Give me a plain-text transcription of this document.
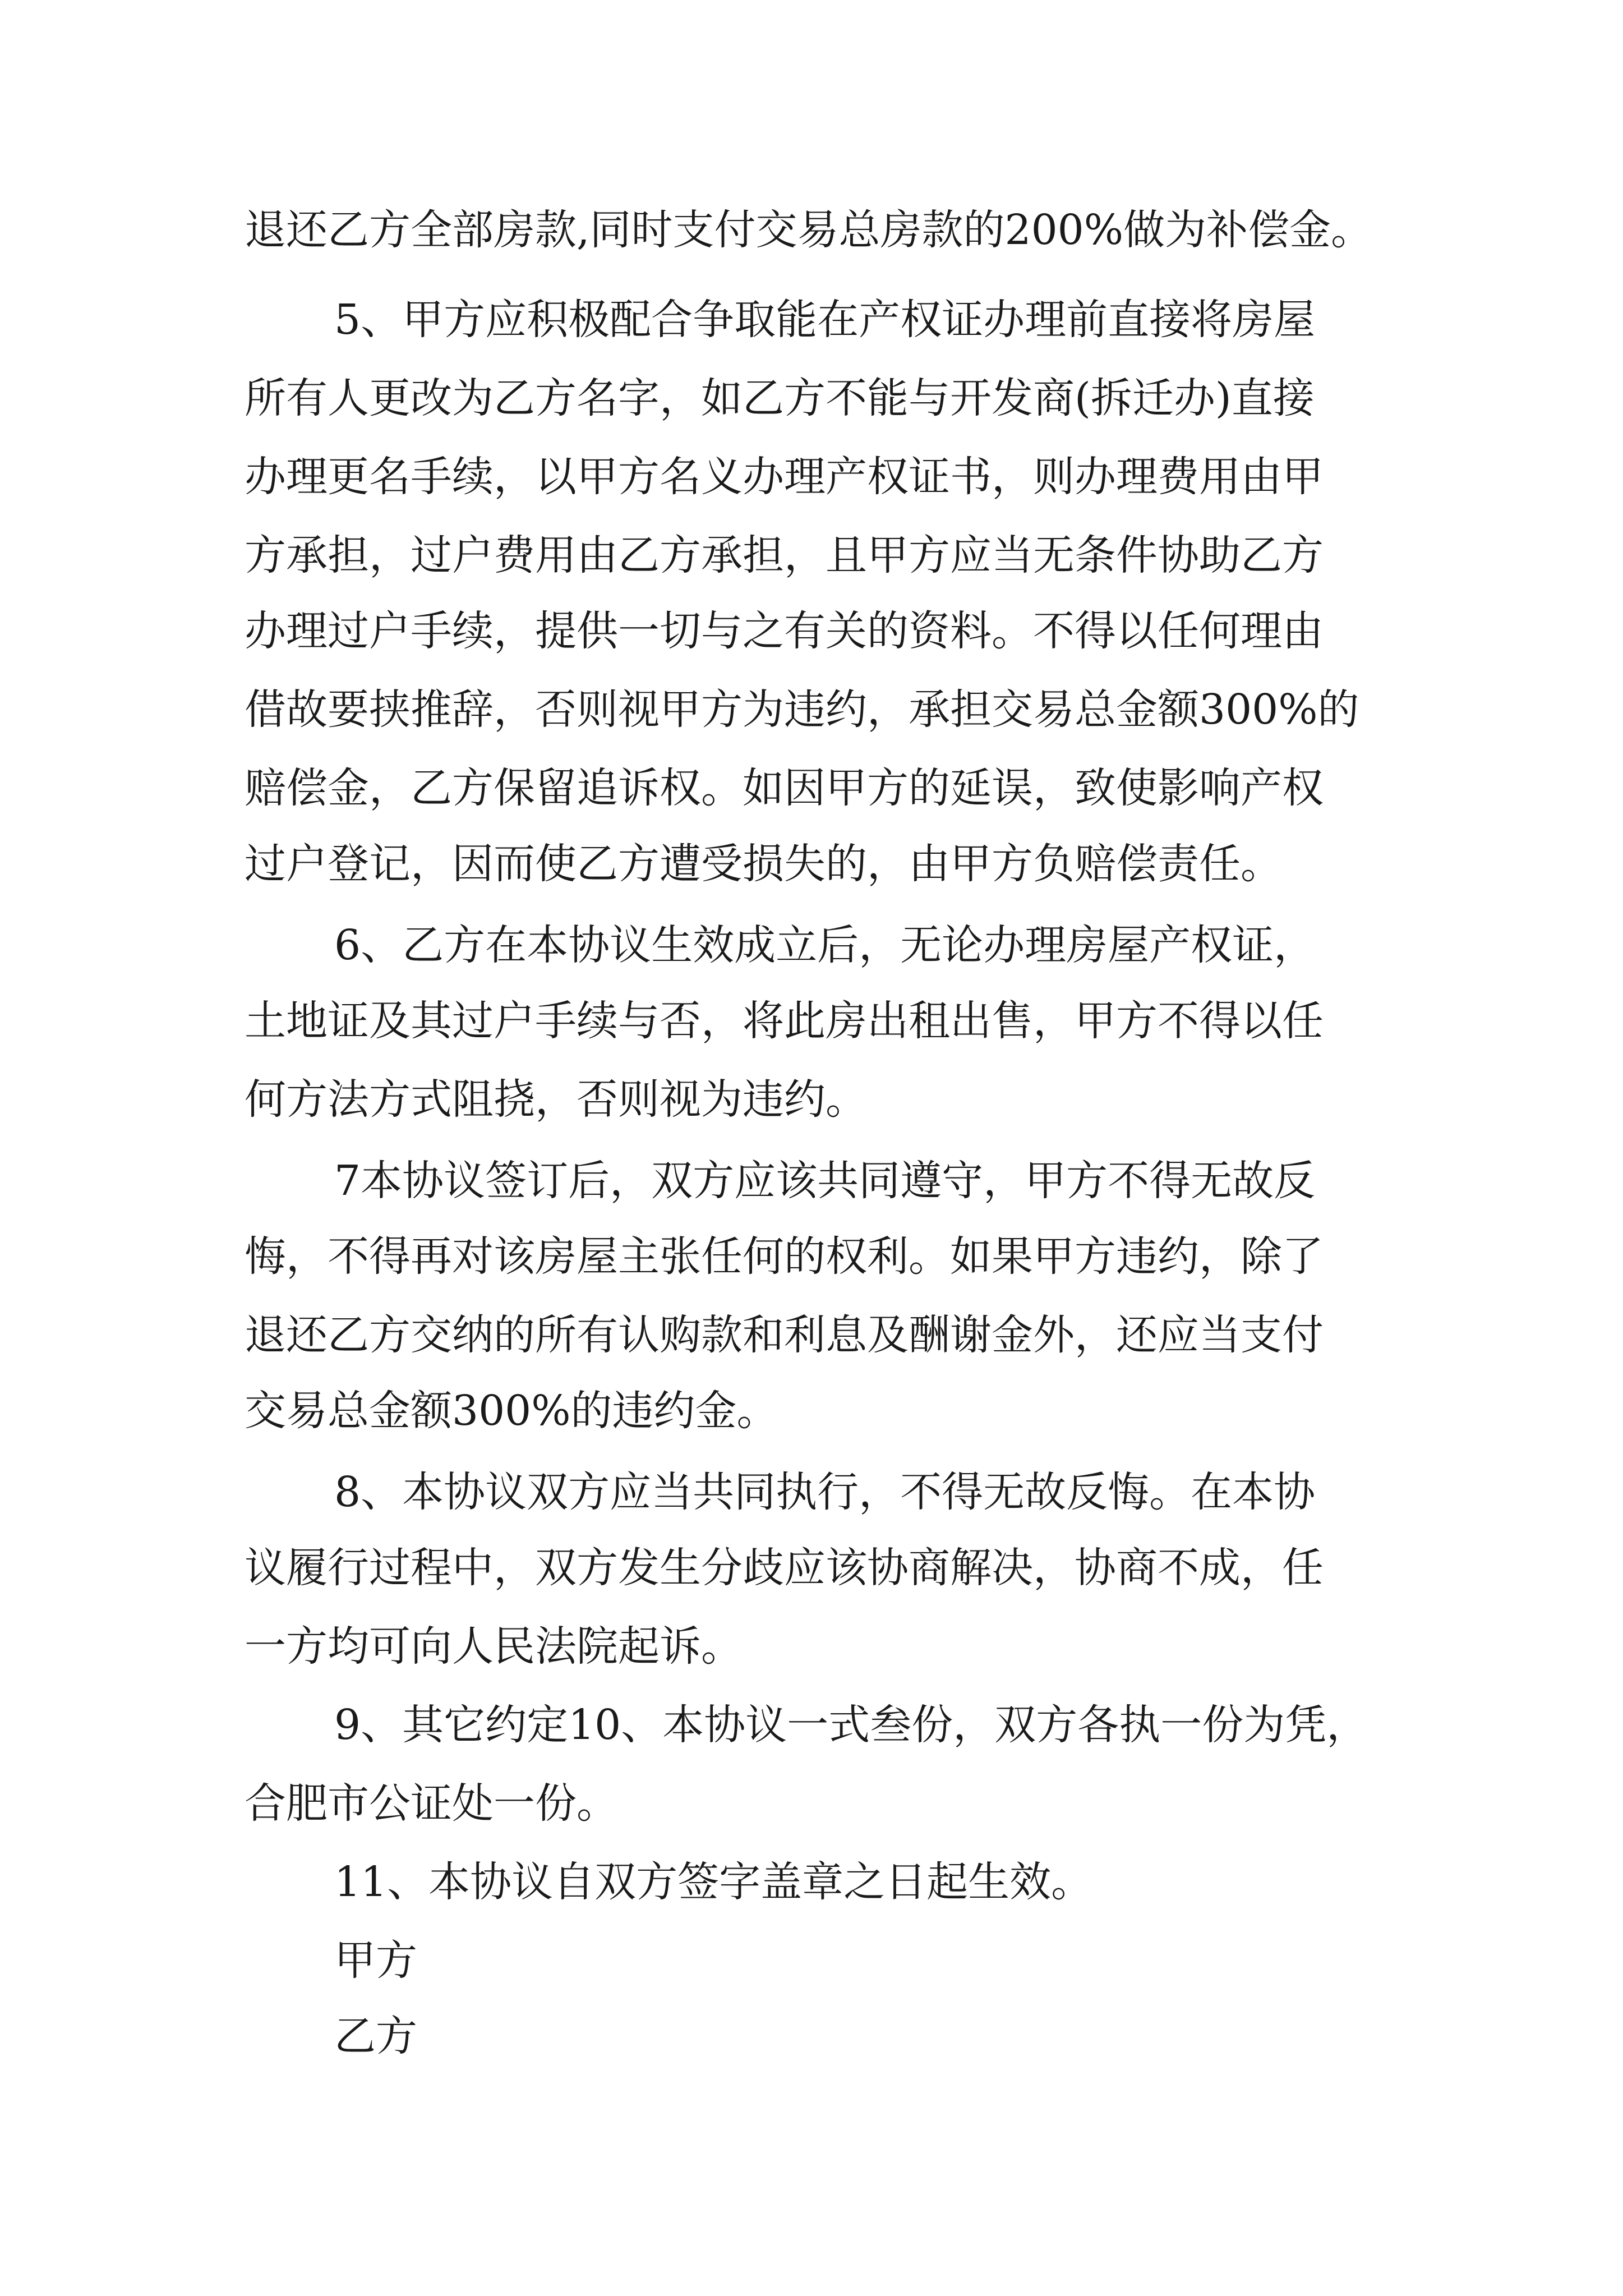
退还乙方全部房款,同时支付交易总房款的200%做为补偿金。
5、甲方应积极配合争取能在产权证办理前直接将房屋
所有人更改为乙方名字，如乙方不能与开发商(拆迁办)直接
办理更名手续，以甲方名义办理产权证书，则办理费用由甲
方承担，过户费用由乙方承担，且甲方应当无条件协助乙方
办理过户手续，提供一切与之有关的资料。不得以任何理由
借故要挟推辞，否则视甲方为违约，承担交易总金额300%的
赔偿金，乙方保留追诉权。如因甲方的延误，致使影响产权
过户登记，因而使乙方遭受损失的，由甲方负赔偿责任。
6、乙方在本协议生效成立后，无论办理房屋产权证，
土地证及其过户手续与否，将此房出租出售，甲方不得以任
何方法方式阻挠，否则视为违约。
7本协议签订后，双方应该共同遵守，甲方不得无故反
悔，不得再对该房屋主张任何的权利。如果甲方违约，除了
退还乙方交纳的所有认购款和利息及酬谢金外，还应当支付
交易总金额300%的违约金。
8、本协议双方应当共同执行，不得无故反悔。在本协
议履行过程中，双方发生分歧应该协商解决，协商不成，任
一方均可向人民法院起诉。
9、其它约定10、本协议一式叁份，双方各执一份为凭，
合肥市公证处一份。
11、本协议自双方签字盖章之日起生效。
甲方
乙方
